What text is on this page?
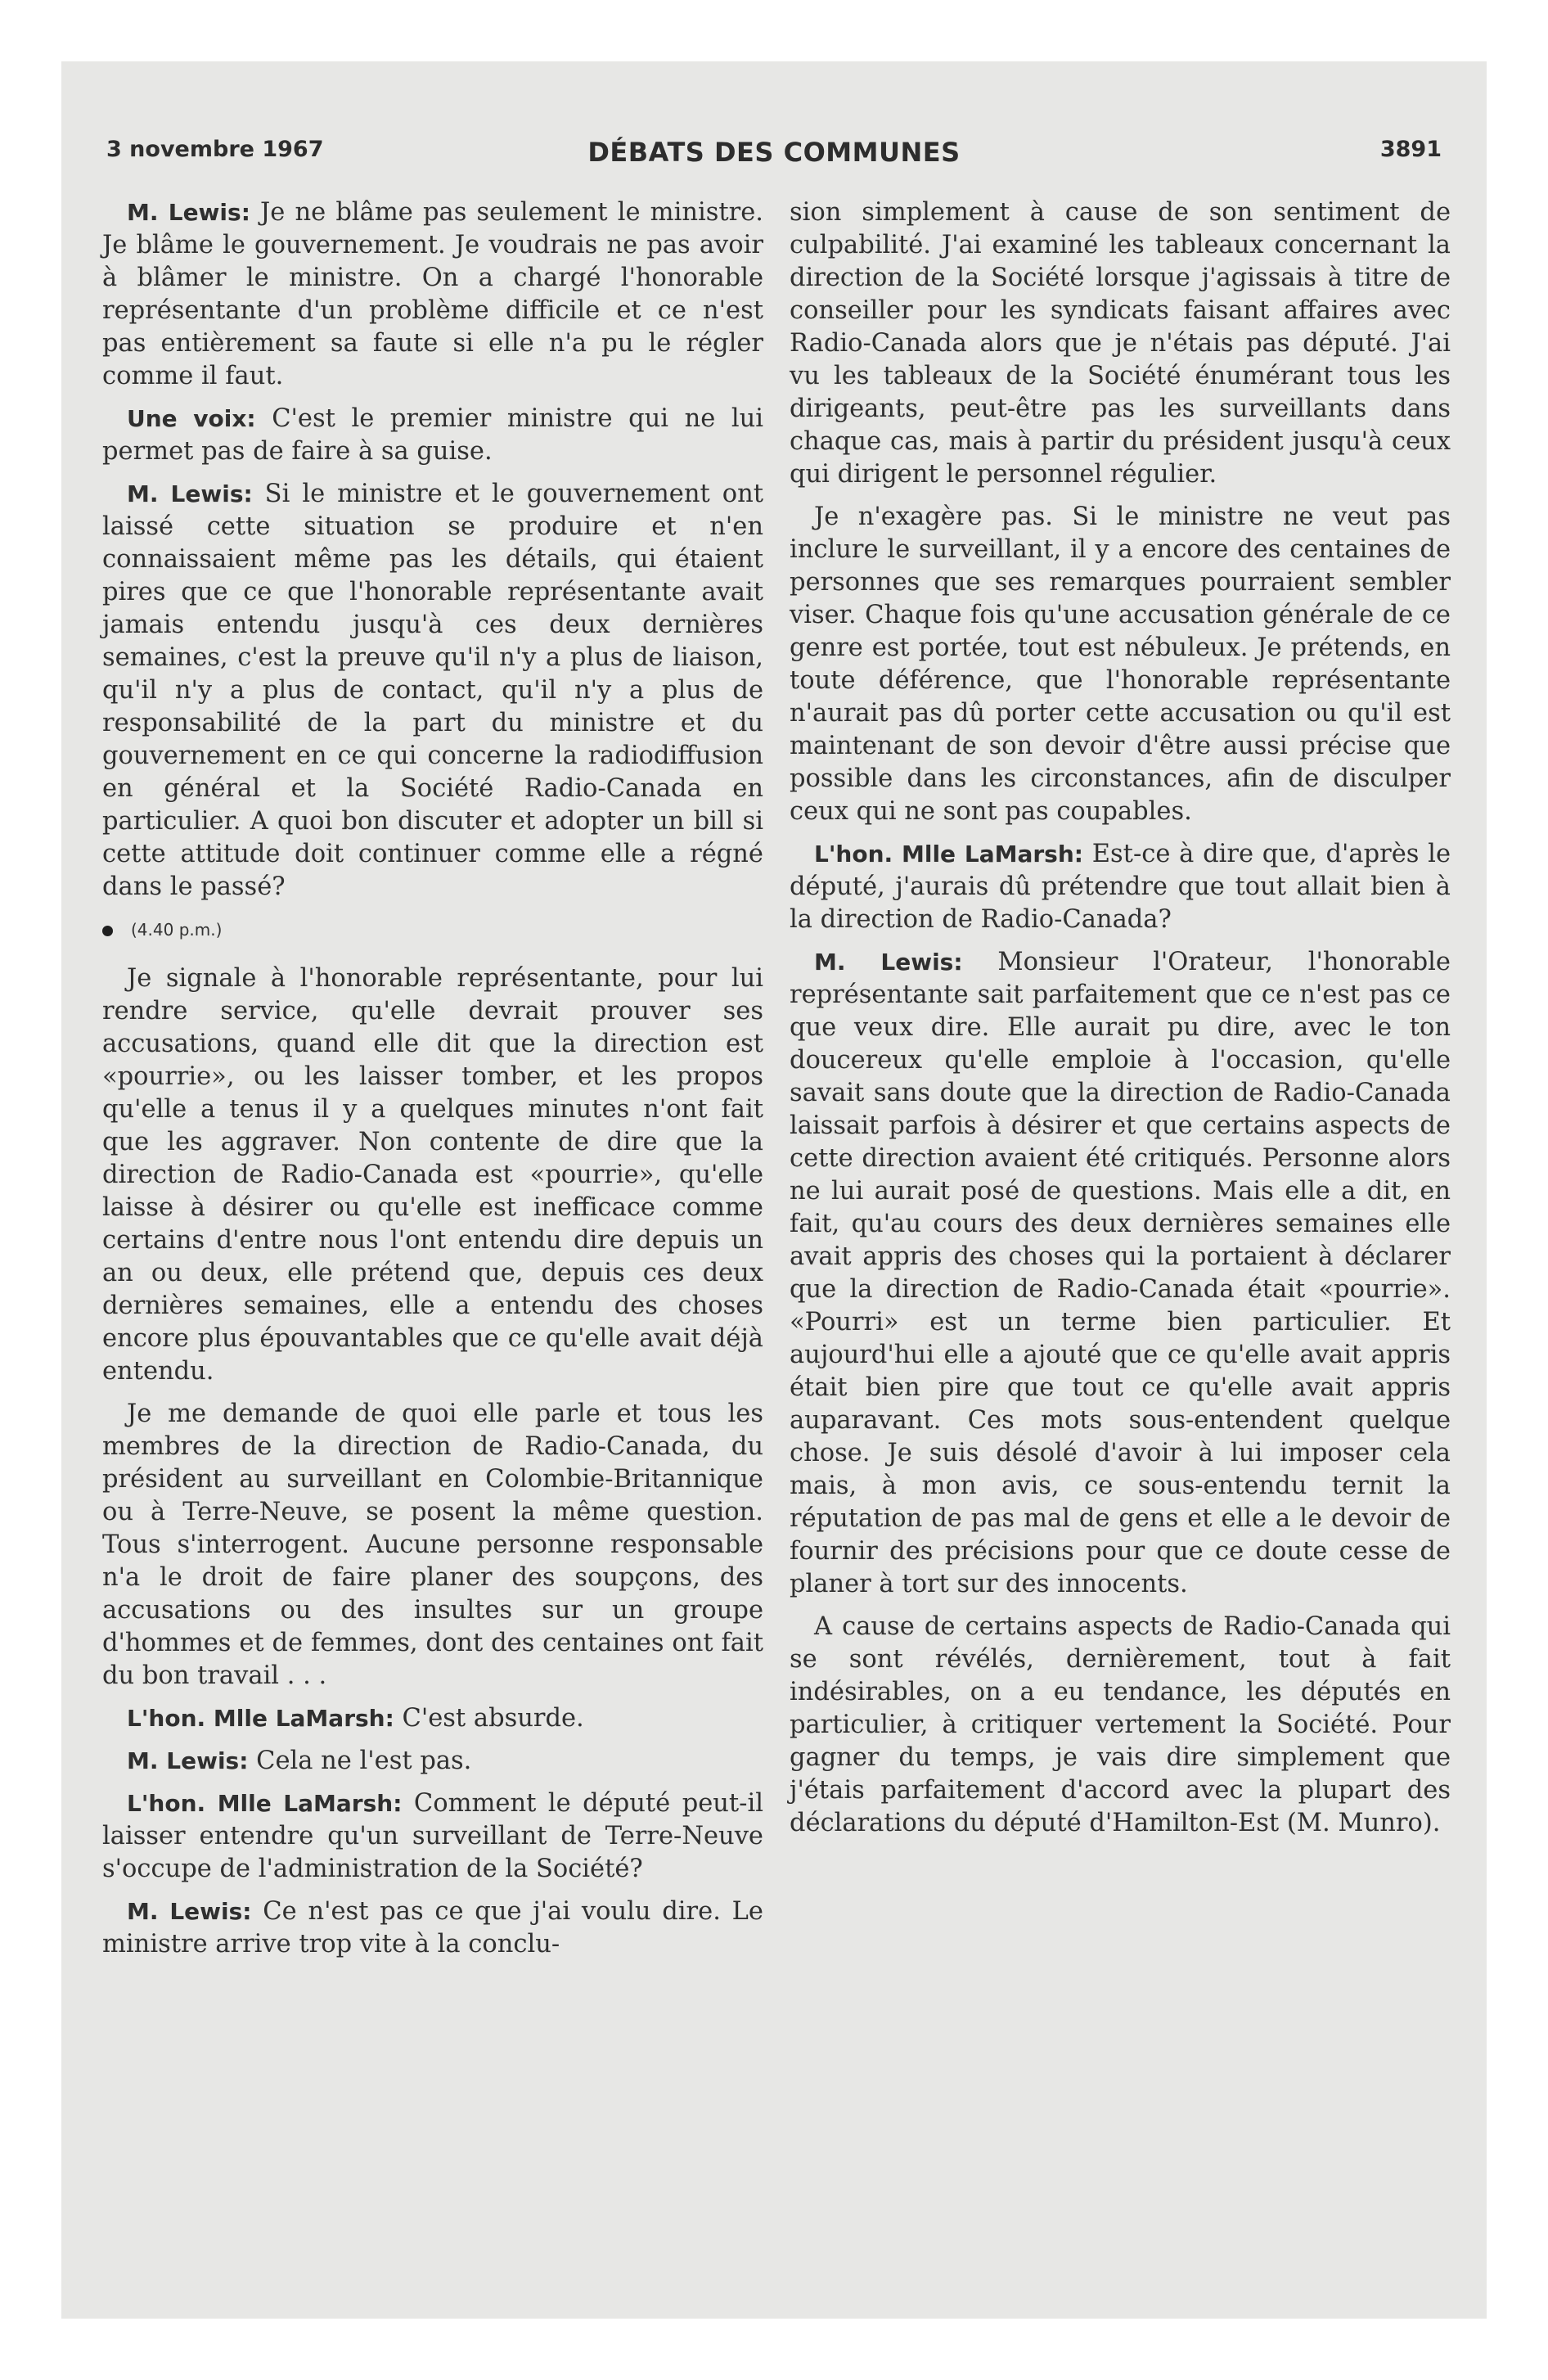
3 novembre 1967	DÉBATS DES COMMUNES	3891

M. Lewis: Je ne blâme pas seulement le ministre. Je blâme le gouvernement. Je voudrais ne pas avoir à blâmer le ministre. On a chargé l'honorable représentante d'un problème difficile et ce n'est pas entièrement sa faute si elle n'a pu le régler comme il faut.

Une voix: C'est le premier ministre qui ne lui permet pas de faire à sa guise.

M. Lewis: Si le ministre et le gouvernement ont laissé cette situation se produire et n'en connaissaient même pas les détails, qui étaient pires que ce que l'honorable représentante avait jamais entendu jusqu'à ces deux dernières semaines, c'est la preuve qu'il n'y a plus de liaison, qu'il n'y a plus de contact, qu'il n'y a plus de responsabilité de la part du ministre et du gouvernement en ce qui concerne la radiodiffusion en général et la Société Radio-Canada en particulier. A quoi bon discuter et adopter un bill si cette attitude doit continuer comme elle a régné dans le passé?

(4.40 p.m.)

Je signale à l'honorable représentante, pour lui rendre service, qu'elle devrait prouver ses accusations, quand elle dit que la direction est «pourrie», ou les laisser tomber, et les propos qu'elle a tenus il y a quelques minutes n'ont fait que les aggraver. Non contente de dire que la direction de Radio-Canada est «pourrie», qu'elle laisse à désirer ou qu'elle est inefficace comme certains d'entre nous l'ont entendu dire depuis un an ou deux, elle prétend que, depuis ces deux dernières semaines, elle a entendu des choses encore plus épouvantables que ce qu'elle avait déjà entendu.

Je me demande de quoi elle parle et tous les membres de la direction de Radio-Canada, du président au surveillant en Colombie-Britannique ou à Terre-Neuve, se posent la même question. Tous s'interrogent. Aucune personne responsable n'a le droit de faire planer des soupçons, des accusations ou des insultes sur un groupe d'hommes et de femmes, dont des centaines ont fait du bon travail . . .

L'hon. Mlle LaMarsh: C'est absurde.

M. Lewis: Cela ne l'est pas.

L'hon. Mlle LaMarsh: Comment le député peut-il laisser entendre qu'un surveillant de Terre-Neuve s'occupe de l'administration de la Société?

M. Lewis: Ce n'est pas ce que j'ai voulu dire. Le ministre arrive trop vite à la conclu-

sion simplement à cause de son sentiment de culpabilité. J'ai examiné les tableaux concernant la direction de la Société lorsque j'agissais à titre de conseiller pour les syndicats faisant affaires avec Radio-Canada alors que je n'étais pas député. J'ai vu les tableaux de la Société énumérant tous les dirigeants, peut-être pas les surveillants dans chaque cas, mais à partir du président jusqu'à ceux qui dirigent le personnel régulier.

Je n'exagère pas. Si le ministre ne veut pas inclure le surveillant, il y a encore des centaines de personnes que ses remarques pourraient sembler viser. Chaque fois qu'une accusation générale de ce genre est portée, tout est nébuleux. Je prétends, en toute déférence, que l'honorable représentante n'aurait pas dû porter cette accusation ou qu'il est maintenant de son devoir d'être aussi précise que possible dans les circonstances, afin de disculper ceux qui ne sont pas coupables.

L'hon. Mlle LaMarsh: Est-ce à dire que, d'après le député, j'aurais dû prétendre que tout allait bien à la direction de Radio-Canada?

M. Lewis: Monsieur l'Orateur, l'honorable représentante sait parfaitement que ce n'est pas ce que veux dire. Elle aurait pu dire, avec le ton doucereux qu'elle emploie à l'occasion, qu'elle savait sans doute que la direction de Radio-Canada laissait parfois à désirer et que certains aspects de cette direction avaient été critiqués. Personne alors ne lui aurait posé de questions. Mais elle a dit, en fait, qu'au cours des deux dernières semaines elle avait appris des choses qui la portaient à déclarer que la direction de Radio-Canada était «pourrie». «Pourri» est un terme bien particulier. Et aujourd'hui elle a ajouté que ce qu'elle avait appris était bien pire que tout ce qu'elle avait appris auparavant. Ces mots sous-entendent quelque chose. Je suis désolé d'avoir à lui imposer cela mais, à mon avis, ce sous-entendu ternit la réputation de pas mal de gens et elle a le devoir de fournir des précisions pour que ce doute cesse de planer à tort sur des innocents.

A cause de certains aspects de Radio-Canada qui se sont révélés, dernièrement, tout à fait indésirables, on a eu tendance, les députés en particulier, à critiquer vertement la Société. Pour gagner du temps, je vais dire simplement que j'étais parfaitement d'accord avec la plupart des déclarations du député d'Hamilton-Est (M. Munro).
